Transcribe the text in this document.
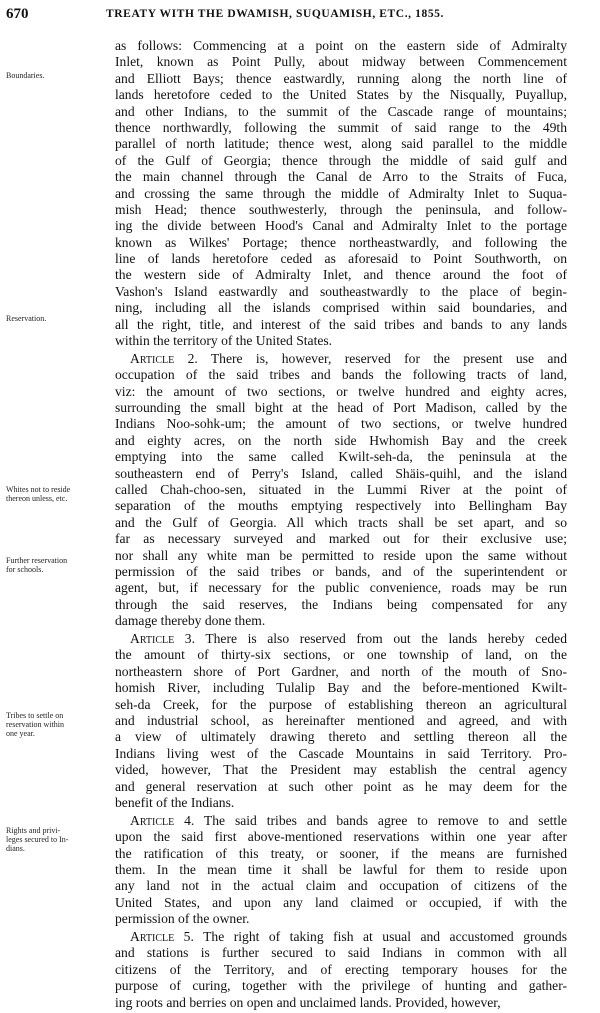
670	TREATY WITH THE DWAMISH, SUQUAMISH, ETC., 1855.
Boundaries.
Reservation.
Whites not to reside
thereon unless, etc.
Further reservation
for schools.
Tribes to settle on
reservation within
one year.
Rights and privi-
leges secured to In-
dians.
as follows: Commencing at a point on the eastern side of Admiralty
Inlet, known as Point Pully, about midway between Commencement
and Elliott Bays; thence eastwardly, running along the north line of
lands heretofore ceded to the United States by the Nisqually, Puyallup,
and other Indians, to the summit of the Cascade range of mountains;
thence northwardly, following the summit of said range to the 49th
parallel of north latitude; thence west, along said parallel to the middle
of the Gulf of Georgia; thence through the middle of said gulf and
the main channel through the Canal de Arro to the Straits of Fuca,
and crossing the same through the middle of Admiralty Inlet to Suqua-
mish Head; thence southwesterly, through the peninsula, and follow-
ing the divide between Hood's Canal and Admiralty Inlet to the portage
known as Wilkes' Portage; thence northeastwardly, and following the
line of lands heretofore ceded as aforesaid to Point Southworth, on
the western side of Admiralty Inlet, and thence around the foot of
Vashon's Island eastwardly and southeastwardly to the place of begin-
ning, including all the islands comprised within said boundaries, and
all the right, title, and interest of the said tribes and bands to any lands
within the territory of the United States.
Article 2. There is, however, reserved for the present use and
occupation of the said tribes and bands the following tracts of land,
viz: the amount of two sections, or twelve hundred and eighty acres,
surrounding the small bight at the head of Port Madison, called by the
Indians Noo-sohk-um; the amount of two sections, or twelve hundred
and eighty acres, on the north side Hwhomish Bay and the creek
emptying into the same called Kwilt-seh-da, the peninsula at the
southeastern end of Perry's Island, called Shäis-quihl, and the island
called Chah-choo-sen, situated in the Lummi River at the point of
separation of the mouths emptying respectively into Bellingham Bay
and the Gulf of Georgia. All which tracts shall be set apart, and so
far as necessary surveyed and marked out for their exclusive use;
nor shall any white man be permitted to reside upon the same without
permission of the said tribes or bands, and of the superintendent or
agent, but, if necessary for the public convenience, roads may be run
through the said reserves, the Indians being compensated for any
damage thereby done them.
Article 3. There is also reserved from out the lands hereby ceded
the amount of thirty-six sections, or one township of land, on the
northeastern shore of Port Gardner, and north of the mouth of Sno-
homish River, including Tulalip Bay and the before-mentioned Kwilt-
seh-da Creek, for the purpose of establishing thereon an agricultural
and industrial school, as hereinafter mentioned and agreed, and with
a view of ultimately drawing thereto and settling thereon all the
Indians living west of the Cascade Mountains in said Territory. Pro-
vided, however, That the President may establish the central agency
and general reservation at such other point as he may deem for the
benefit of the Indians.
Article 4. The said tribes and bands agree to remove to and settle
upon the said first above-mentioned reservations within one year after
the ratification of this treaty, or sooner, if the means are furnished
them. In the mean time it shall be lawful for them to reside upon
any land not in the actual claim and occupation of citizens of the
United States, and upon any land claimed or occupied, if with the
permission of the owner.
Article 5. The right of taking fish at usual and accustomed grounds
and stations is further secured to said Indians in common with all
citizens of the Territory, and of erecting temporary houses for the
purpose of curing, together with the privilege of hunting and gather-
ing roots and berries on open and unclaimed lands. Provided, however,
